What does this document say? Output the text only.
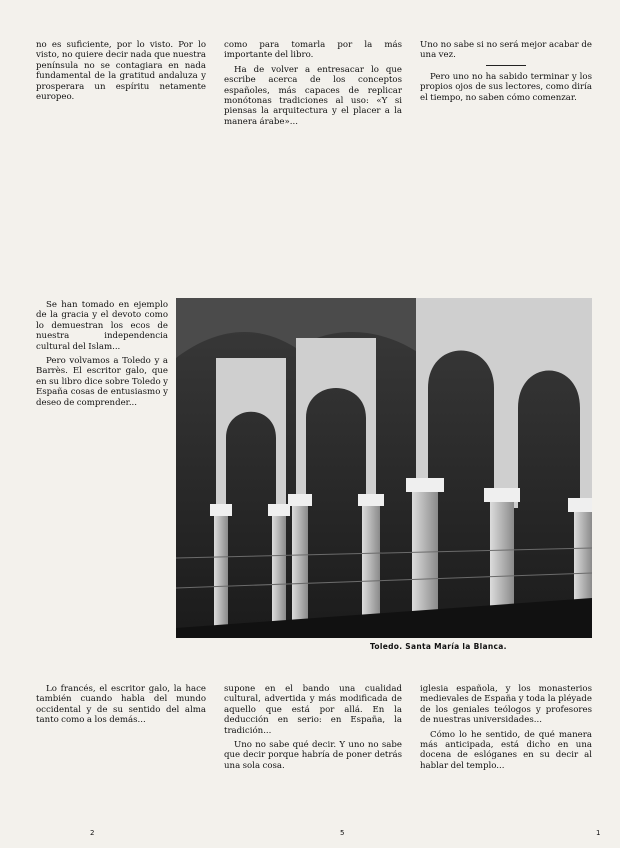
no es suficiente, por lo visto. Por lo visto, no quiere decir nada que nuestra península no se contagiara en nada fundamental de la gratitud andaluza y prosperara un espíritu netamente europeo.

como para tomarla por la más importante del libro.

Ha de volver a entresacar lo que escribe acerca de los conceptos españoles, más capaces de replicar monótonas tradiciones al uso: «Y si piensas la arquitectura y el placer a la manera árabe»...

Uno no sabe si no será mejor acabar de una vez.

Pero uno no ha sabido terminar y los propios ojos de sus lectores, como diría el tiempo, no saben cómo comenzar.

Se han tomado en ejemplo de la gracia y el devoto como lo demuestran los ecos de nuestra independencia cultural del Islam...

Pero volvamos a Toledo y a Barrès. El escritor galo, que en su libro dice sobre Toledo y España cosas de entusiasmo y deseo de comprender...

Toledo. Santa María la Blanca.

Lo francés, el escritor galo, la hace también cuando habla del mundo occidental y de su sentido del alma tanto como a los demás...

supone en el bando una cualidad cultural, advertida y más modificada de aquello que está por allá. En la deducción en serio: en España, la tradición...

Uno no sabe qué decir. Y uno no sabe que decir porque habría de poner detrás una sola cosa.

iglesia española, y los monasterios medievales de España y toda la pléyade de los geniales teólogos y profesores de nuestras universidades...

Cómo lo he sentido, de qué manera más anticipada, está dicho en una docena de eslóganes en su decir al hablar del templo...

2	5	1
